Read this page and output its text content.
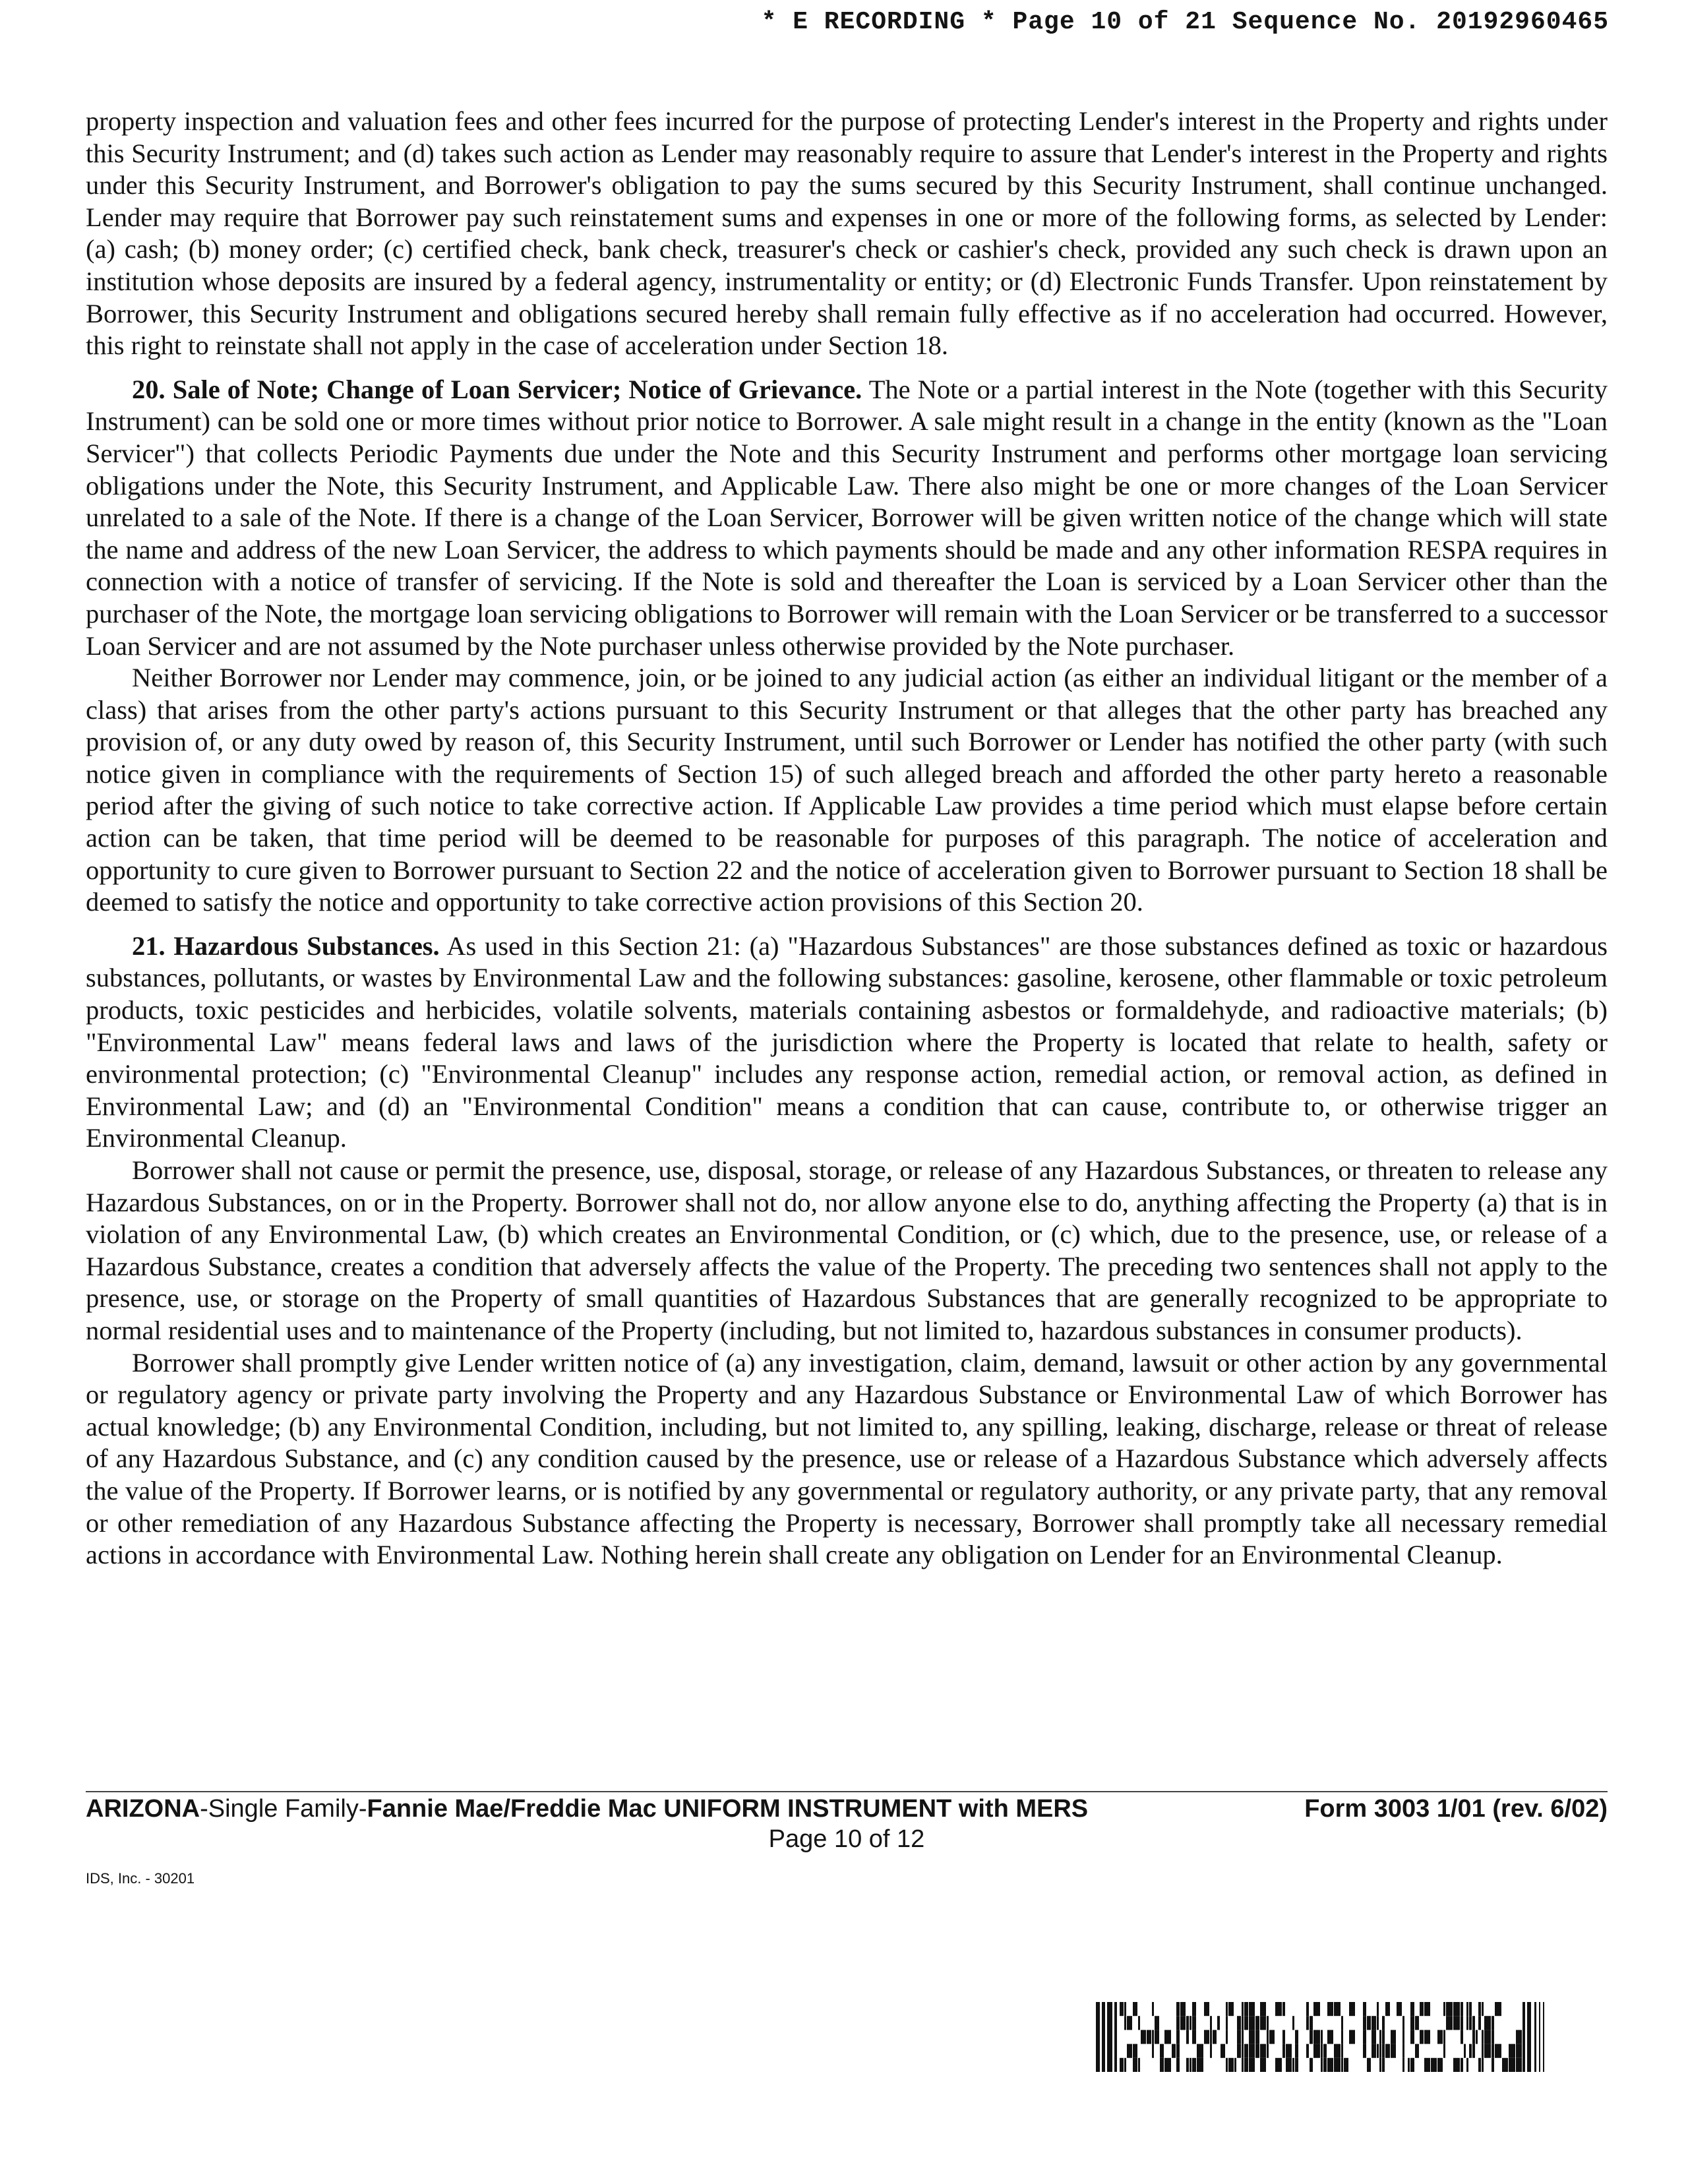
* E RECORDING * Page 10 of 21 Sequence No. 20192960465

property inspection and valuation fees and other fees incurred for the purpose of protecting Lender's interest in the Property and rights under this Security Instrument; and (d) takes such action as Lender may reasonably require to assure that Lender's interest in the Property and rights under this Security Instrument, and Borrower's obligation to pay the sums secured by this Security Instrument, shall continue unchanged. Lender may require that Borrower pay such reinstatement sums and expenses in one or more of the following forms, as selected by Lender: (a) cash; (b) money order; (c) certified check, bank check, treasurer's check or cashier's check, provided any such check is drawn upon an institution whose deposits are insured by a federal agency, instrumentality or entity; or (d) Electronic Funds Transfer. Upon reinstatement by Borrower, this Security Instrument and obligations secured hereby shall remain fully effective as if no acceleration had occurred. However, this right to reinstate shall not apply in the case of acceleration under Section 18.

20. Sale of Note; Change of Loan Servicer; Notice of Grievance. The Note or a partial interest in the Note (together with this Security Instrument) can be sold one or more times without prior notice to Borrower. A sale might result in a change in the entity (known as the "Loan Servicer") that collects Periodic Payments due under the Note and this Security Instrument and performs other mortgage loan servicing obligations under the Note, this Security Instrument, and Applicable Law. There also might be one or more changes of the Loan Servicer unrelated to a sale of the Note. If there is a change of the Loan Servicer, Borrower will be given written notice of the change which will state the name and address of the new Loan Servicer, the address to which payments should be made and any other information RESPA requires in connection with a notice of transfer of servicing. If the Note is sold and thereafter the Loan is serviced by a Loan Servicer other than the purchaser of the Note, the mortgage loan servicing obligations to Borrower will remain with the Loan Servicer or be transferred to a successor Loan Servicer and are not assumed by the Note purchaser unless otherwise provided by the Note purchaser.

Neither Borrower nor Lender may commence, join, or be joined to any judicial action (as either an individual litigant or the member of a class) that arises from the other party's actions pursuant to this Security Instrument or that alleges that the other party has breached any provision of, or any duty owed by reason of, this Security Instrument, until such Borrower or Lender has notified the other party (with such notice given in compliance with the requirements of Section 15) of such alleged breach and afforded the other party hereto a reasonable period after the giving of such notice to take corrective action. If Applicable Law provides a time period which must elapse before certain action can be taken, that time period will be deemed to be reasonable for purposes of this paragraph. The notice of acceleration and opportunity to cure given to Borrower pursuant to Section 22 and the notice of acceleration given to Borrower pursuant to Section 18 shall be deemed to satisfy the notice and opportunity to take corrective action provisions of this Section 20.

21. Hazardous Substances. As used in this Section 21: (a) "Hazardous Substances" are those substances defined as toxic or hazardous substances, pollutants, or wastes by Environmental Law and the following substances: gasoline, kerosene, other flammable or toxic petroleum products, toxic pesticides and herbicides, volatile solvents, materials containing asbestos or formaldehyde, and radioactive materials; (b) "Environmental Law" means federal laws and laws of the jurisdiction where the Property is located that relate to health, safety or environmental protection; (c) "Environmental Cleanup" includes any response action, remedial action, or removal action, as defined in Environmental Law; and (d) an "Environmental Condition" means a condition that can cause, contribute to, or otherwise trigger an Environmental Cleanup.

Borrower shall not cause or permit the presence, use, disposal, storage, or release of any Hazardous Substances, or threaten to release any Hazardous Substances, on or in the Property. Borrower shall not do, nor allow anyone else to do, anything affecting the Property (a) that is in violation of any Environmental Law, (b) which creates an Environmental Condition, or (c) which, due to the presence, use, or release of a Hazardous Substance, creates a condition that adversely affects the value of the Property. The preceding two sentences shall not apply to the presence, use, or storage on the Property of small quantities of Hazardous Substances that are generally recognized to be appropriate to normal residential uses and to maintenance of the Property (including, but not limited to, hazardous substances in consumer products).

Borrower shall promptly give Lender written notice of (a) any investigation, claim, demand, lawsuit or other action by any governmental or regulatory agency or private party involving the Property and any Hazardous Substance or Environmental Law of which Borrower has actual knowledge; (b) any Environmental Condition, including, but not limited to, any spilling, leaking, discharge, release or threat of release of any Hazardous Substance, and (c) any condition caused by the presence, use or release of a Hazardous Substance which adversely affects the value of the Property. If Borrower learns, or is notified by any governmental or regulatory authority, or any private party, that any removal or other remediation of any Hazardous Substance affecting the Property is necessary, Borrower shall promptly take all necessary remedial actions in accordance with Environmental Law. Nothing herein shall create any obligation on Lender for an Environmental Cleanup.

ARIZONA-Single Family-Fannie Mae/Freddie Mac UNIFORM INSTRUMENT with MERS	Form 3003 1/01 (rev. 6/02)
Page 10 of 12
IDS, Inc. - 30201
